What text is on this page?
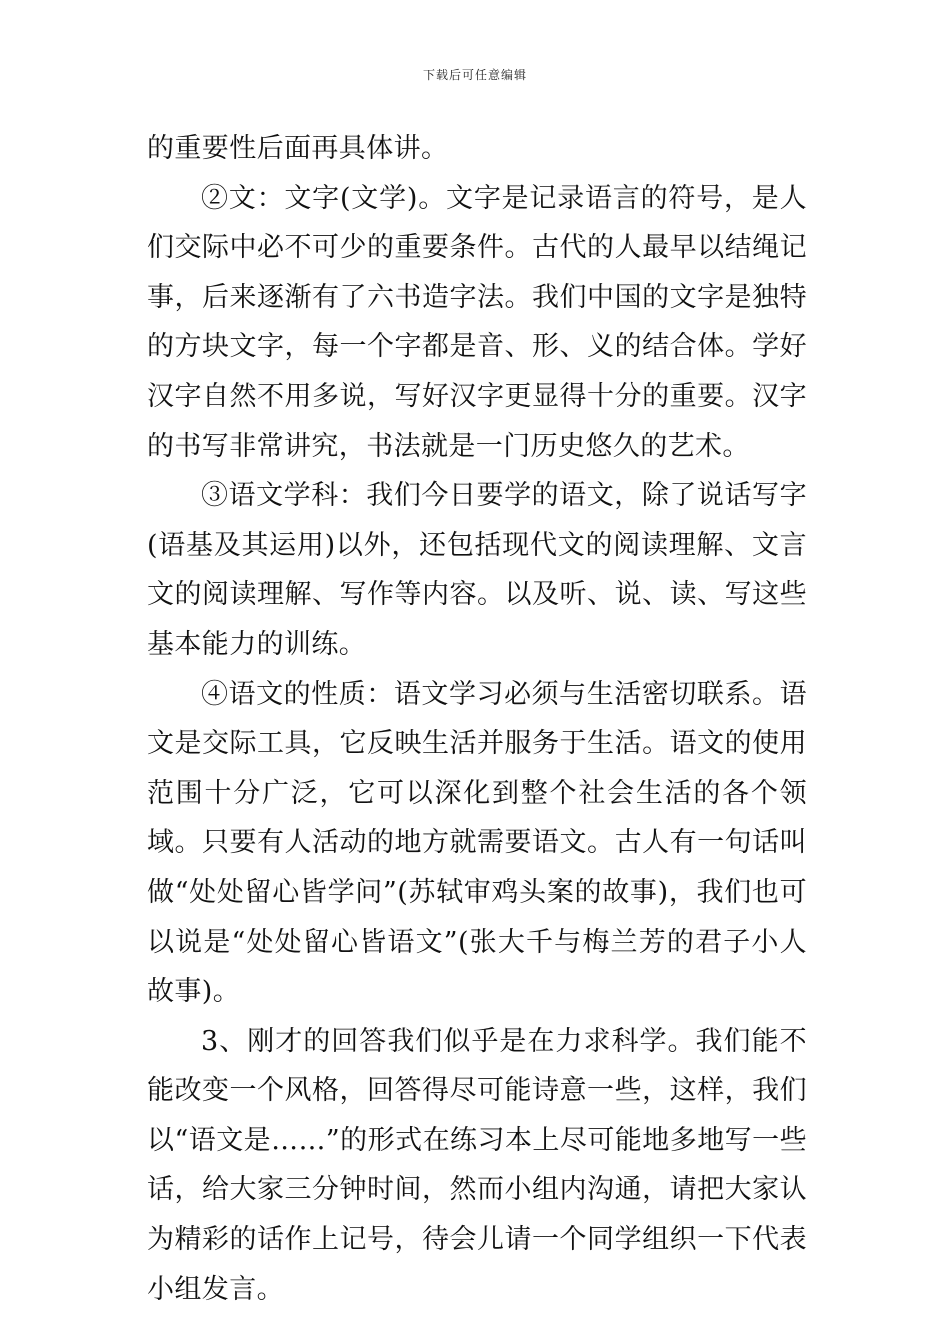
下载后可任意编辑

的重要性后面再具体讲。

②文：文字(文学)。文字是记录语言的符号，是人们交际中必不可少的重要条件。古代的人最早以结绳记事，后来逐渐有了六书造字法。我们中国的文字是独特的方块文字，每一个字都是音、形、义的结合体。学好汉字自然不用多说，写好汉字更显得十分的重要。汉字的书写非常讲究，书法就是一门历史悠久的艺术。

③语文学科：我们今日要学的语文，除了说话写字(语基及其运用)以外，还包括现代文的阅读理解、文言文的阅读理解、写作等内容。以及听、说、读、写这些基本能力的训练。

④语文的性质：语文学习必须与生活密切联系。语文是交际工具，它反映生活并服务于生活。语文的使用范围十分广泛，它可以深化到整个社会生活的各个领域。只要有人活动的地方就需要语文。古人有一句话叫做“处处留心皆学问”(苏轼审鸡头案的故事)，我们也可以说是“处处留心皆语文”(张大千与梅兰芳的君子小人故事)。

3、刚才的回答我们似乎是在力求科学。我们能不能改变一个风格，回答得尽可能诗意一些，这样，我们以“语文是……”的形式在练习本上尽可能地多地写一些话，给大家三分钟时间，然而小组内沟通，请把大家认为精彩的话作上记号，待会儿请一个同学组织一下代表小组发言。
